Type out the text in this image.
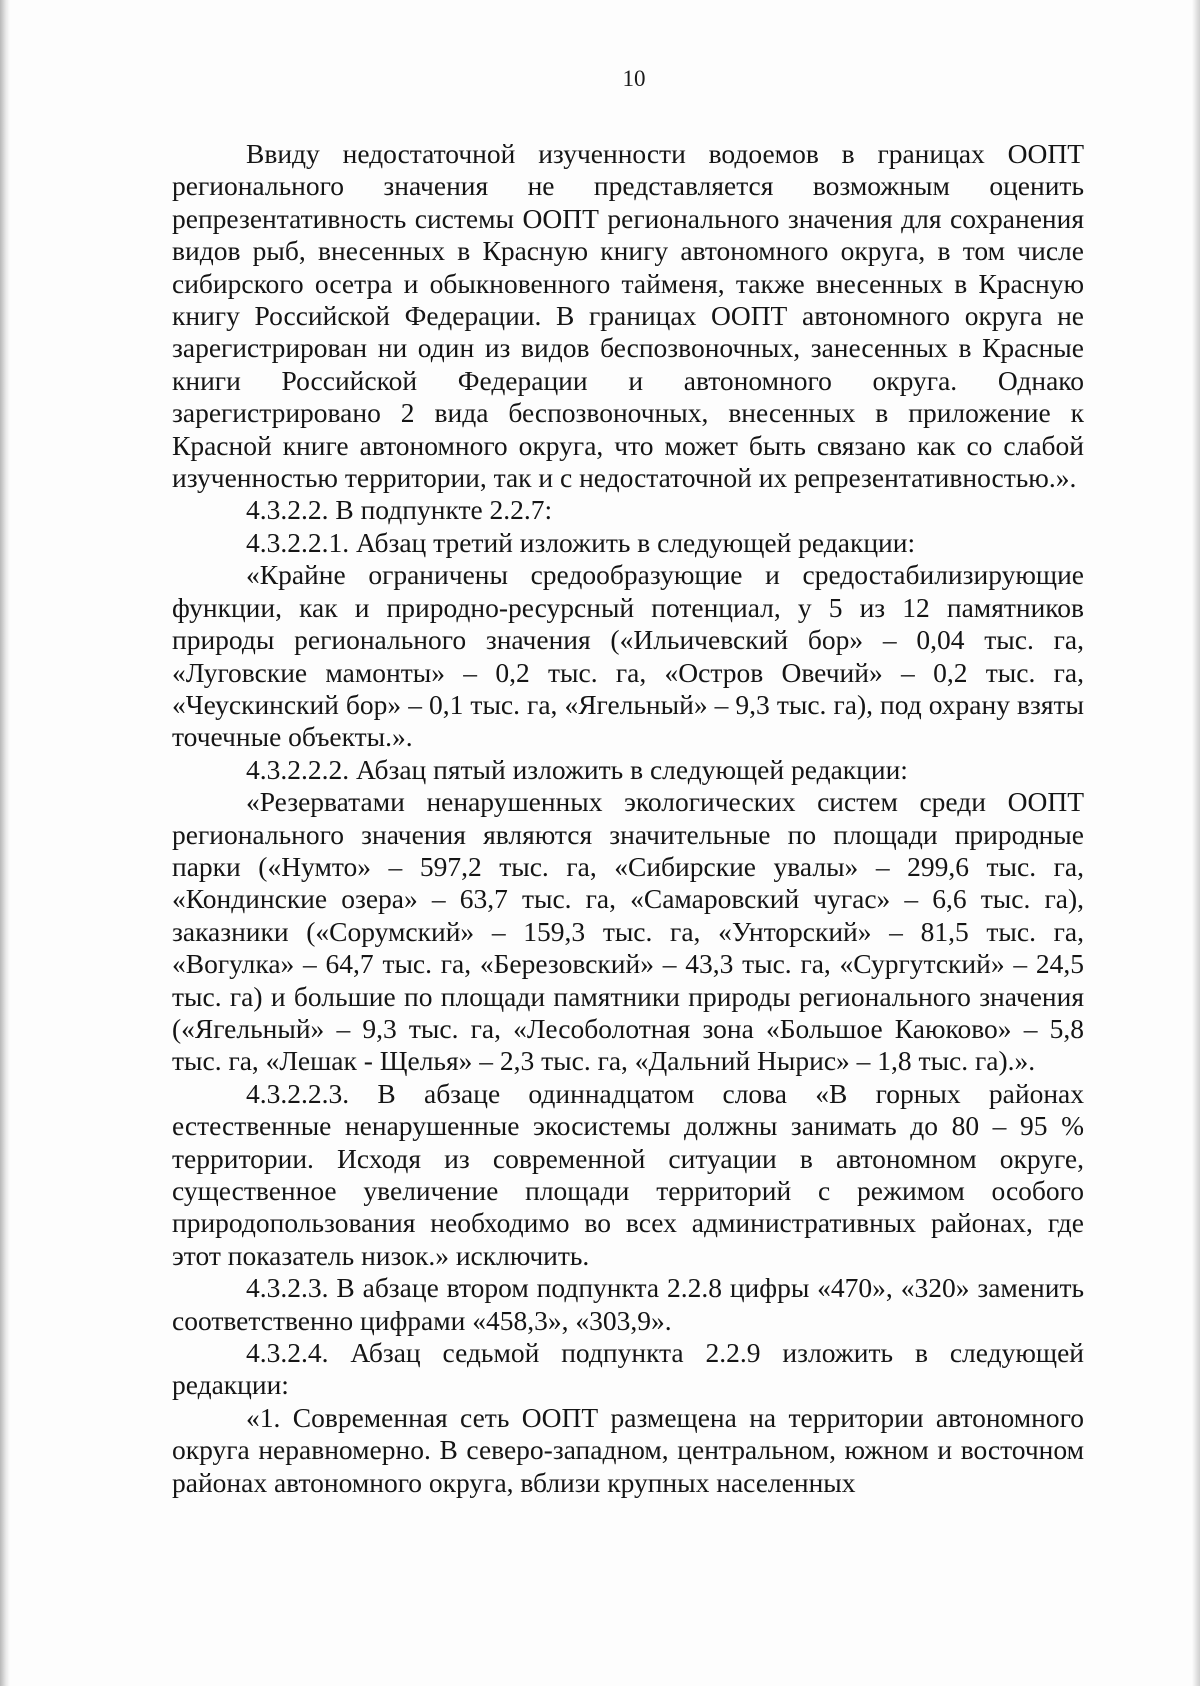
10

Ввиду недостаточной изученности водоемов в границах ООПТ регионального значения не представляется возможным оценить репрезентативность системы ООПТ регионального значения для сохранения видов рыб, внесенных в Красную книгу автономного округа, в том числе сибирского осетра и обыкновенного тайменя, также внесенных в Красную книгу Российской Федерации. В границах ООПТ автономного округа не зарегистрирован ни один из видов беспозвоночных, занесенных в Красные книги Российской Федерации и автономного округа. Однако зарегистрировано 2 вида беспозвоночных, внесенных в приложение к Красной книге автономного округа, что может быть связано как со слабой изученностью территории, так и с недостаточной их репрезентативностью.».

4.3.2.2. В подпункте 2.2.7:

4.3.2.2.1. Абзац третий изложить в следующей редакции:

«Крайне ограничены средообразующие и средостабилизирующие функции, как и природно-ресурсный потенциал, у 5 из 12 памятников природы регионального значения («Ильичевский бор» – 0,04 тыс. га, «Луговские мамонты» – 0,2 тыс. га, «Остров Овечий» – 0,2 тыс. га, «Чеускинский бор» – 0,1 тыс. га, «Ягельный» – 9,3 тыс. га), под охрану взяты точечные объекты.».

4.3.2.2.2. Абзац пятый изложить в следующей редакции:

«Резерватами ненарушенных экологических систем среди ООПТ регионального значения являются значительные по площади природные парки («Нумто» – 597,2 тыс. га, «Сибирские увалы» – 299,6 тыс. га, «Кондинские озера» – 63,7 тыс. га, «Самаровский чугас» – 6,6 тыс. га), заказники («Сорумский» – 159,3 тыс. га, «Унторский» – 81,5 тыс. га, «Вогулка» – 64,7 тыс. га, «Березовский» – 43,3 тыс. га, «Сургутский» – 24,5 тыс. га) и большие по площади памятники природы регионального значения («Ягельный» – 9,3 тыс. га, «Лесоболотная зона «Большое Каюково» – 5,8 тыс. га, «Лешак - Щелья» – 2,3 тыс. га, «Дальний Нырис» – 1,8 тыс. га).».

4.3.2.2.3. В абзаце одиннадцатом слова «В горных районах естественные ненарушенные экосистемы должны занимать до 80 – 95 % территории. Исходя из современной ситуации в автономном округе, существенное увеличение площади территорий с режимом особого природопользования необходимо во всех административных районах, где этот показатель низок.» исключить.

4.3.2.3. В абзаце втором подпункта 2.2.8 цифры «470», «320» заменить соответственно цифрами «458,3», «303,9».

4.3.2.4. Абзац седьмой подпункта 2.2.9 изложить в следующей редакции:

«1. Современная сеть ООПТ размещена на территории автономного округа неравномерно. В северо-западном, центральном, южном и восточном районах автономного округа, вблизи крупных населенных
